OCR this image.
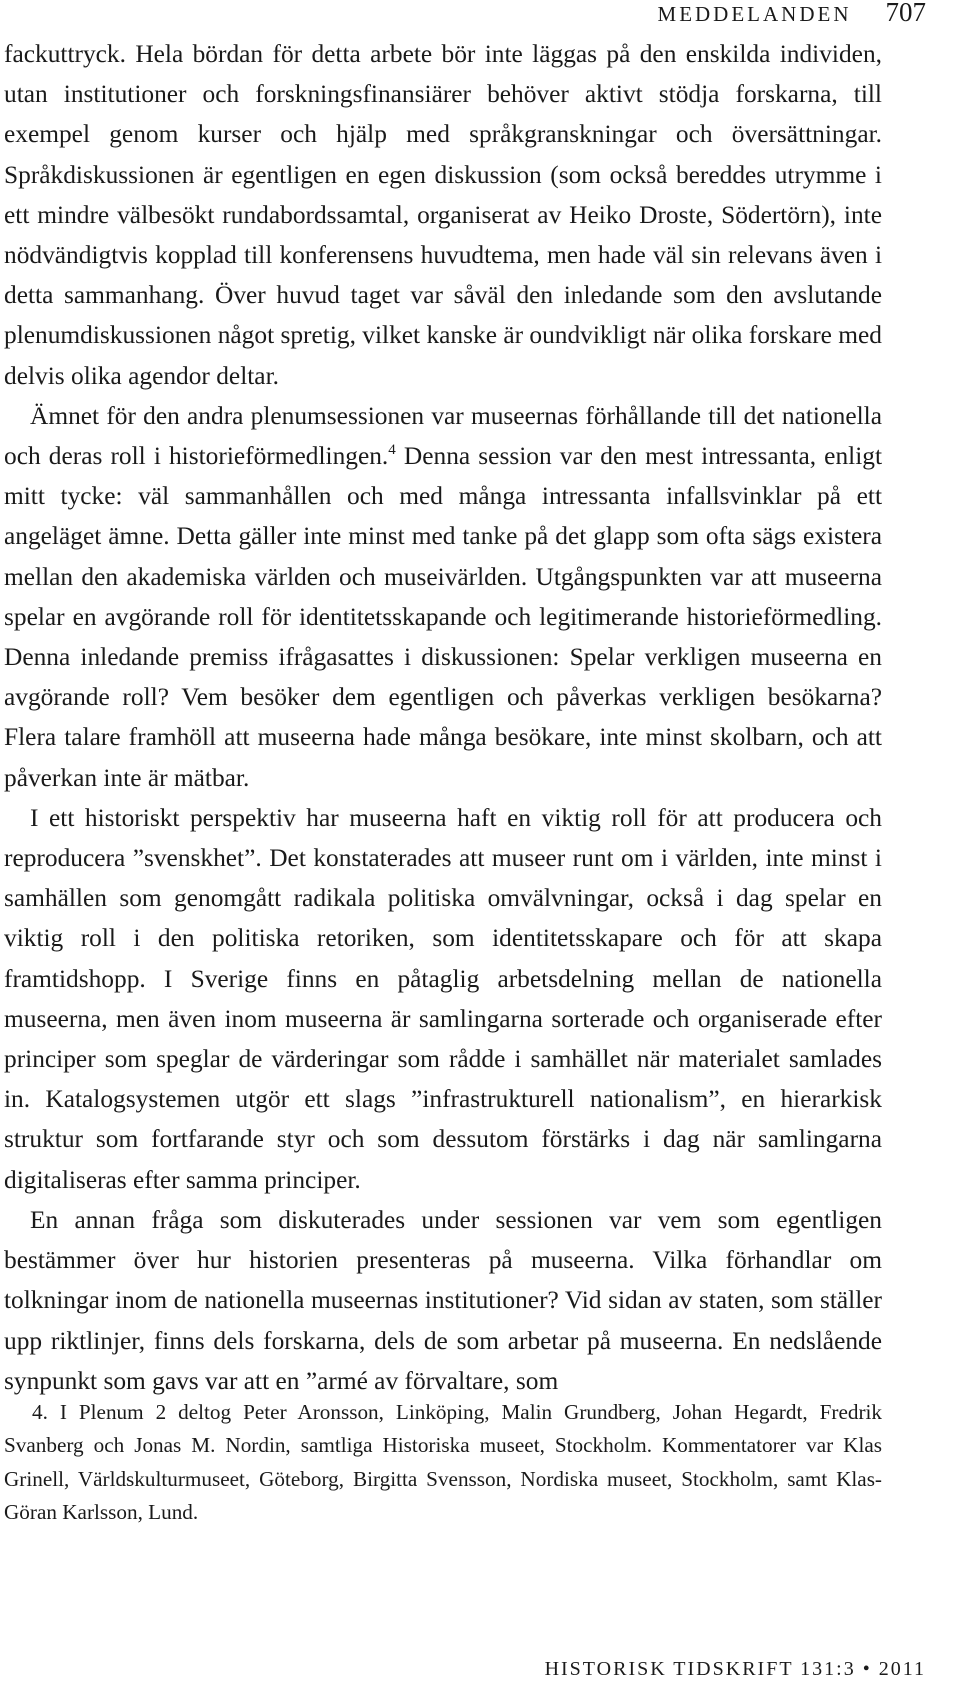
MEDDELANDEN 707

fackuttryck. Hela bördan för detta arbete bör inte läggas på den enskilda individen, utan institutioner och forskningsfinansiärer behöver aktivt stödja forskarna, till exempel genom kurser och hjälp med språkgranskningar och översättningar. Språkdiskussionen är egentligen en egen diskussion (som också bereddes utrymme i ett mindre välbesökt rundabordssamtal, organiserat av Heiko Droste, Södertörn), inte nödvändigtvis kopplad till konferensens huvudtema, men hade väl sin relevans även i detta sammanhang. Över huvud taget var såväl den inledande som den avslutande plenumdiskussionen något spretig, vilket kanske är oundvikligt när olika forskare med delvis olika agendor deltar.

Ämnet för den andra plenumsessionen var museernas förhållande till det nationella och deras roll i historieförmedlingen.$^4$ Denna session var den mest intressanta, enligt mitt tycke: väl sammanhållen och med många intressanta infallsvinklar på ett angeläget ämne. Detta gäller inte minst med tanke på det glapp som ofta sägs existera mellan den akademiska världen och museivärlden. Utgångspunkten var att museerna spelar en avgörande roll för identitetsskapande och legitimerande historieförmedling. Denna inledande premiss ifrågasattes i diskussionen: Spelar verkligen museerna en avgörande roll? Vem besöker dem egentligen och påverkas verkligen besökarna? Flera talare framhöll att museerna hade många besökare, inte minst skolbarn, och att påverkan inte är mätbar.

I ett historiskt perspektiv har museerna haft en viktig roll för att producera och reproducera ”svenskhet”. Det konstaterades att museer runt om i världen, inte minst i samhällen som genomgått radikala politiska omvälvningar, också i dag spelar en viktig roll i den politiska retoriken, som identitetsskapare och för att skapa framtidshopp. I Sverige finns en påtaglig arbetsdelning mellan de nationella museerna, men även inom museerna är samlingarna sorterade och organiserade efter principer som speglar de värderingar som rådde i samhället när materialet samlades in. Katalogsystemen utgör ett slags ”infrastrukturell nationalism”, en hierarkisk struktur som fortfarande styr och som dessutom förstärks i dag när samlingarna digitaliseras efter samma principer.

En annan fråga som diskuterades under sessionen var vem som egentligen bestämmer över hur historien presenteras på museerna. Vilka förhandlar om tolkningar inom de nationella museernas institutioner? Vid sidan av staten, som ställer upp riktlinjer, finns dels forskarna, dels de som arbetar på museerna. En nedslående synpunkt som gavs var att en ”armé av förvaltare, som

4. I Plenum 2 deltog Peter Aronsson, Linköping, Malin Grundberg, Johan Hegardt, Fredrik Svanberg och Jonas M. Nordin, samtliga Historiska museet, Stockholm. Kommentatorer var Klas Grinell, Världskulturmuseet, Göteborg, Birgitta Svensson, Nordiska museet, Stockholm, samt Klas-Göran Karlsson, Lund.

HISTORISK TIDSKRIFT 131:3 • 2011
